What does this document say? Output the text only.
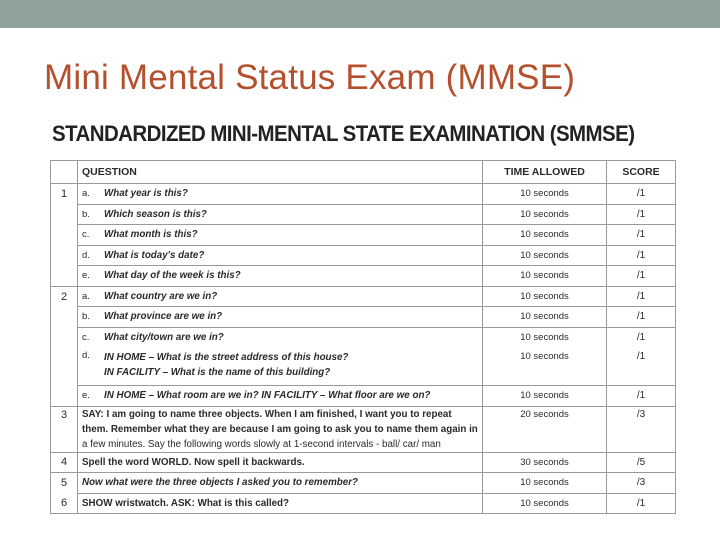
Mini Mental Status Exam (MMSE)
STANDARDIZED MINI-MENTAL STATE EXAMINATION (SMMSE)
	QUESTION		TIME ALLOWED	SCORE
1	a.	What year is this?	10 seconds	/1
	b.	Which season is this?	10 seconds	/1
	c.	What month is this?	10 seconds	/1
	d.	What is today's date?	10 seconds	/1
	e.	What day of the week is this?	10 seconds	/1
2	a.	What country are we in?	10 seconds	/1
	b.	What province are we in?	10 seconds	/1
	c.	What city/town are we in?	10 seconds	/1
	d.	IN HOME – What is the street address of this house?
IN FACILITY – What is the name of this building?	10 seconds	/1
	e.	IN HOME – What room are we in? IN FACILITY – What floor are we on?	10 seconds	/1
3	SAY: I am going to name three objects. When I am finished, I want you to repeat
them. Remember what they are because I am going to ask you to name them again in
a few minutes. Say the following words slowly at 1-second intervals - ball/ car/ man		20 seconds	/3
4	Spell the word WORLD. Now spell it backwards.		30 seconds	/5
5	Now what were the three objects I asked you to remember?		10 seconds	/3
6	SHOW wristwatch. ASK: What is this called?		10 seconds	/1
